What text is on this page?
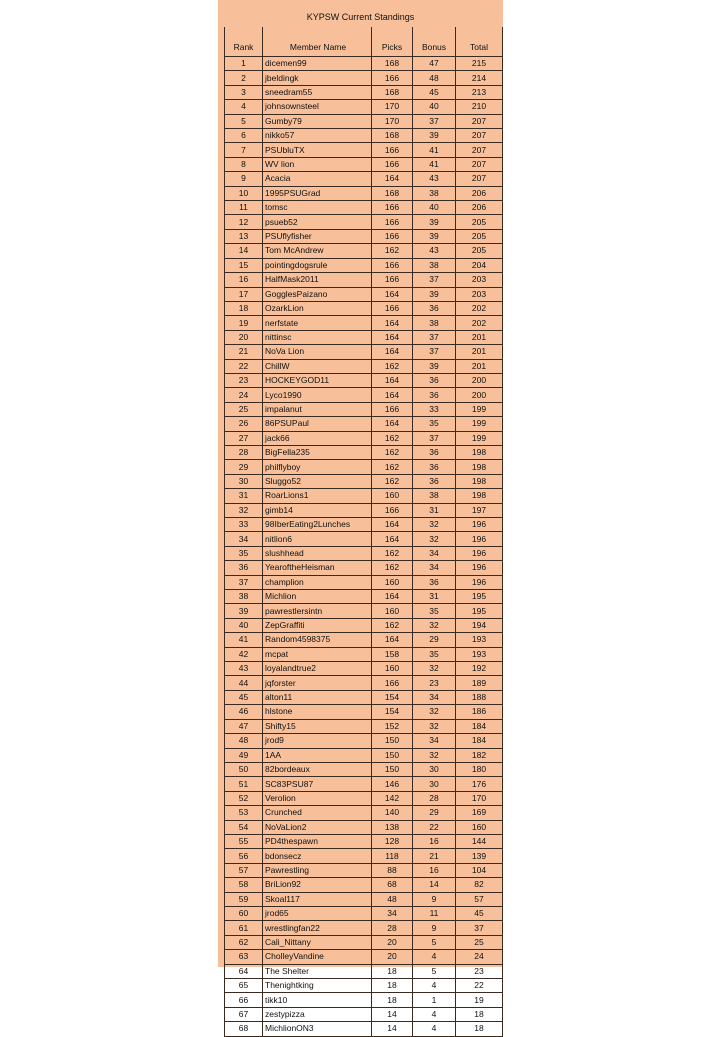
KYPSW Current Standings
Rank	Member Name	Picks	Bonus	Total
1	dicemen99	168	47	215
2	jbeldingk	166	48	214
3	sneedram55	168	45	213
4	johnsownsteel	170	40	210
5	Gumby79	170	37	207
6	nikko57	168	39	207
7	PSUbluTX	166	41	207
8	WV lion	166	41	207
9	Acacia	164	43	207
10	1995PSUGrad	168	38	206
11	tomsc	166	40	206
12	psueb52	166	39	205
13	PSUflyfisher	166	39	205
14	Tom McAndrew	162	43	205
15	pointingdogsrule	166	38	204
16	HalfMask2011	166	37	203
17	GogglesPaizano	164	39	203
18	OzarkLion	166	36	202
19	nerfstate	164	38	202
20	nittinsc	164	37	201
21	NoVa Lion	164	37	201
22	ChillW	162	39	201
23	HOCKEYGOD11	164	36	200
24	Lyco1990	164	36	200
25	impalanut	166	33	199
26	86PSUPaul	164	35	199
27	jack66	162	37	199
28	BigFella235	162	36	198
29	philflyboy	162	36	198
30	Sluggo52	162	36	198
31	RoarLions1	160	38	198
32	gimb14	166	31	197
33	98IberEating2Lunches	164	32	196
34	nitlion6	164	32	196
35	slushhead	162	34	196
36	YearoftheHeisman	162	34	196
37	champlion	160	36	196
38	Michlion	164	31	195
39	pawrestlersintn	160	35	195
40	ZepGraffiti	162	32	194
41	Random4598375	164	29	193
42	mcpat	158	35	193
43	loyalandtrue2	160	32	192
44	jqforster	166	23	189
45	alton11	154	34	188
46	hlstone	154	32	186
47	Shifty15	152	32	184
48	jrod9	150	34	184
49	1AA	150	32	182
50	82bordeaux	150	30	180
51	SC83PSU87	146	30	176
52	Verolion	142	28	170
53	Crunched	140	29	169
54	NoVaLion2	138	22	160
55	PD4thespawn	128	16	144
56	bdonsecz	118	21	139
57	Pawrestling	88	16	104
58	BriLion92	68	14	82
59	Skoal117	48	9	57
60	jrod65	34	11	45
61	wrestlingfan22	28	9	37
62	Cali_Nittany	20	5	25
63	CholleyVandine	20	4	24
64	The Shelter	18	5	23
65	Thenightking	18	4	22
66	tikk10	18	1	19
67	zestypizza	14	4	18
68	MichlionON3	14	4	18
